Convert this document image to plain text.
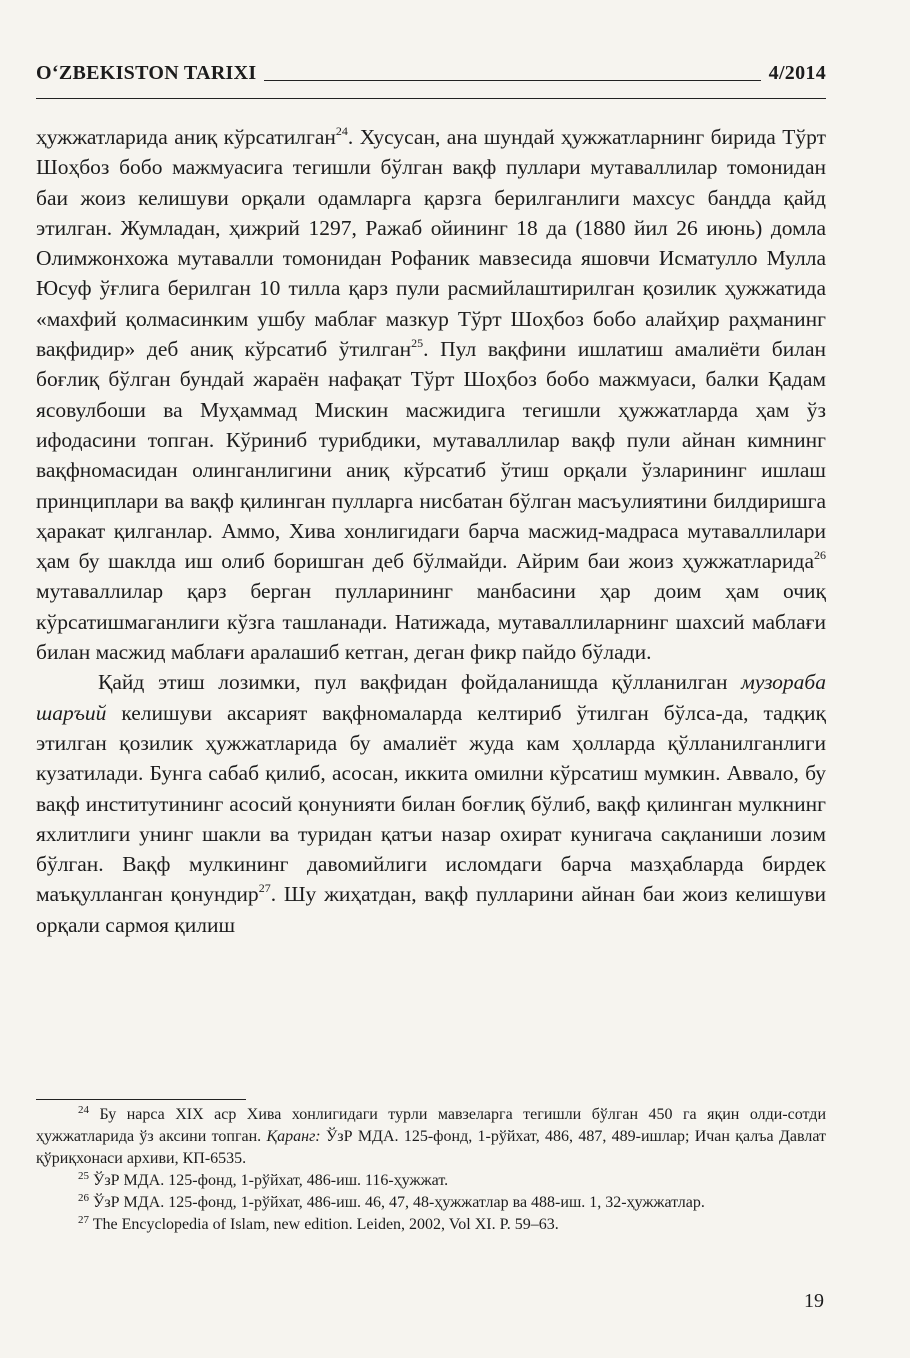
O‘ZBEKISTON TARIXI	4/2014

ҳужжатларида аниқ кўрсатилган$^{24}$. Хусусан, ана шундай ҳужжатларнинг бирида Тўрт Шоҳбоз бобо мажмуасига тегишли бўлган вақф пуллари мутаваллилар томонидан баи жоиз келишуви орқали одамларга қарзга берилганлиги махсус бандда қайд этилган. Жумладан, ҳижрий 1297, Ражаб ойининг 18 да (1880 йил 26 июнь) домла Олимжонхожа мутавалли томонидан Рофаник мавзесида яшовчи Исматулло Мулла Юсуф ўғлига берилган 10 тилла қарз пули расмийлаштирилган қозилик ҳужжатида «махфий қолмасинким ушбу маблағ мазкур Тўрт Шоҳбоз бобо алайҳир раҳманинг вақфидир» деб аниқ кўрсатиб ўтилган$^{25}$. Пул вақфини ишлатиш амалиёти билан боғлиқ бўлган бундай жараён нафақат Тўрт Шоҳбоз бобо мажмуаси, балки Қадам ясовулбоши ва Муҳаммад Мискин масжидига тегишли ҳужжатларда ҳам ўз ифодасини топган. Кўриниб турибдики, мутаваллилар вақф пули айнан кимнинг вақфномасидан олинганлигини аниқ кўрсатиб ўтиш орқали ўзларининг ишлаш принциплари ва вақф қилинган пулларга нисбатан бўлган масъулиятини билдиришга ҳаракат қилганлар. Аммо, Хива хонлигидаги барча масжид-мадраса мутаваллилари ҳам бу шаклда иш олиб боришган деб бўлмайди. Айрим баи жоиз ҳужжатларида$^{26}$ мутаваллилар қарз берган пулларининг манбасини ҳар доим ҳам очиқ кўрсатишмаганлиги кўзга ташланади. Натижада, мутаваллиларнинг шахсий маблағи билан масжид маблағи аралашиб кетган, деган фикр пайдо бўлади.

Қайд этиш лозимки, пул вақфидан фойдаланишда қўлланилган музораба шаръий келишуви аксарият вақфномаларда келтириб ўтилган бўлса-да, тадқиқ этилган қозилик ҳужжатларида бу амалиёт жуда кам ҳолларда қўлланилганлиги кузатилади. Бунга сабаб қилиб, асосан, иккита омилни кўрсатиш мумкин. Аввало, бу вақф институтининг асосий қонунияти билан боғлиқ бўлиб, вақф қилинган мулкнинг яхлитлиги унинг шакли ва туридан қатъи назар охират кунигача сақланиши лозим бўлган. Вақф мулкининг давомийлиги исломдаги барча мазҳабларда бирдек маъқулланган қонундир$^{27}$. Шу жиҳатдан, вақф пулларини айнан баи жоиз келишуви орқали сармоя қилиш

$^{24}$ Бу нарса XIX аср Хива хонлигидаги турли мавзеларга тегишли бўлган 450 га яқин олди-сотди ҳужжатларида ўз аксини топган. Қаранг: ЎзР МДА. 125-фонд, 1-рўйхат, 486, 487, 489-ишлар; Ичан қалъа Давлат қўриқхонаси архиви, КП-6535.

$^{25}$ ЎзР МДА. 125-фонд, 1-рўйхат, 486-иш. 116-ҳужжат.

$^{26}$ ЎзР МДА. 125-фонд, 1-рўйхат, 486-иш. 46, 47, 48-ҳужжатлар ва 488-иш. 1, 32-ҳужжатлар.

$^{27}$ The Encyclopedia of Islam, new edition. Leiden, 2002, Vol XI. P. 59–63.

19
